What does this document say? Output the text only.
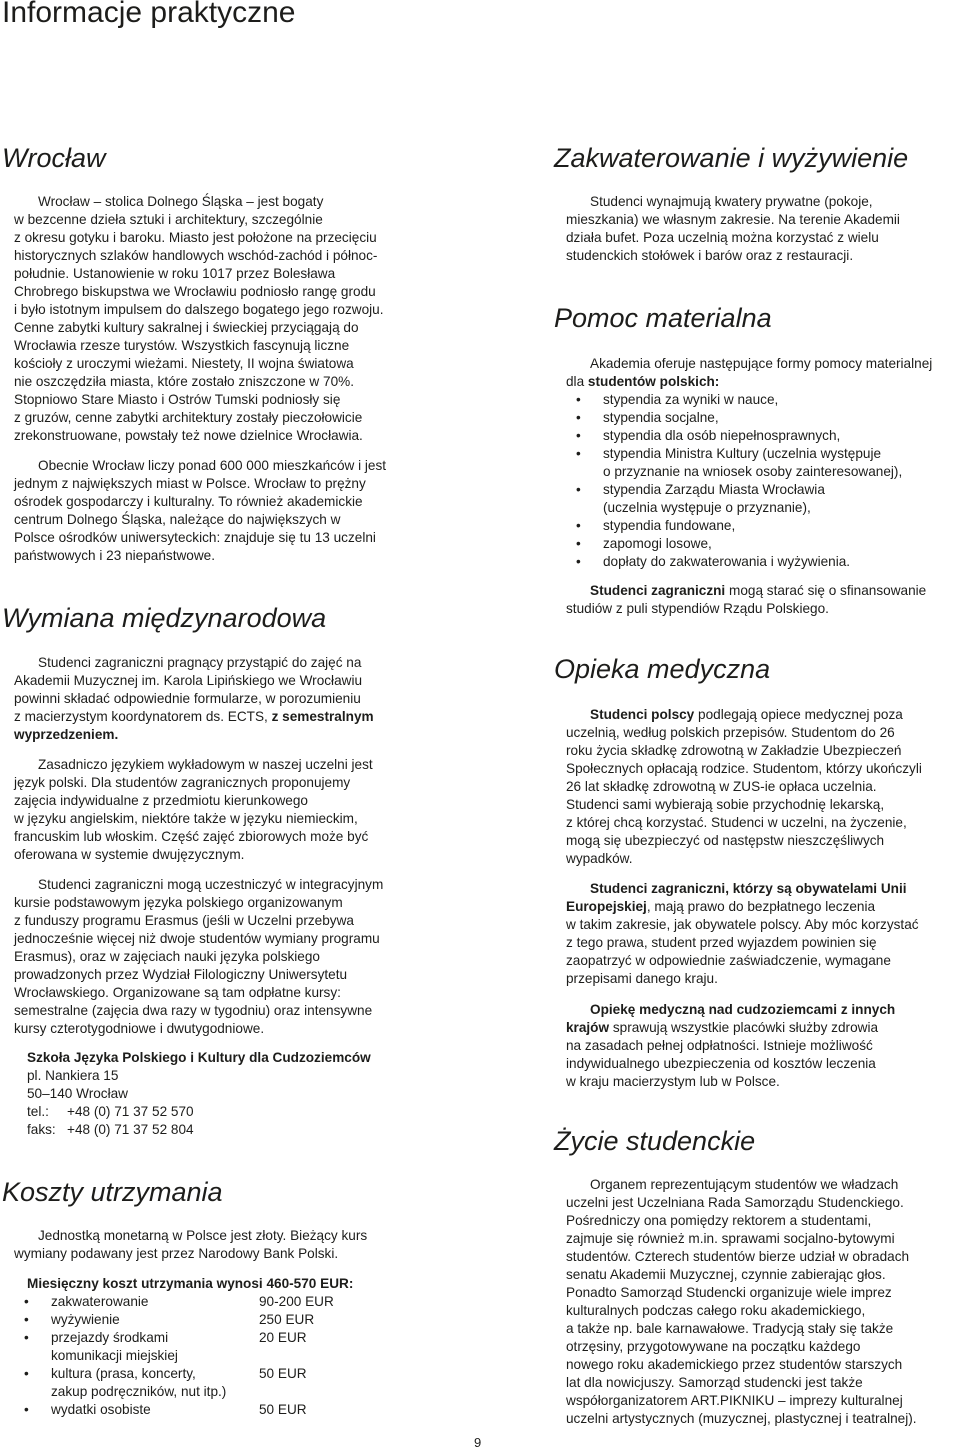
Informacje praktyczne
Wrocław
Wrocław – stolica Dolnego Śląska – jest bogaty
w bezcenne dzieła sztuki i architektury, szczególnie
z okresu gotyku i baroku. Miasto jest położone na przecięciu
historycznych szlaków handlowych wschód-zachód i północ-
południe. Ustanowienie w roku 1017 przez Bolesława
Chrobrego biskupstwa we Wrocławiu podniosło rangę grodu
i było istotnym impulsem do dalszego bogatego jego rozwoju.
Cenne zabytki kultury sakralnej i świeckiej przyciągają do
Wrocławia rzesze turystów. Wszystkich fascynują liczne
kościoły z uroczymi wieżami. Niestety, II wojna światowa
nie oszczędziła miasta, które zostało zniszczone w 70%.
Stopniowo Stare Miasto i Ostrów Tumski podniosły się
z gruzów, cenne zabytki architektury zostały pieczołowicie
zrekonstruowane, powstały też nowe dzielnice Wrocławia.
Obecnie Wrocław liczy ponad 600 000 mieszkańców i jest
jednym z największych miast w Polsce. Wrocław to prężny
ośrodek gospodarczy i kulturalny. To również akademickie
centrum Dolnego Śląska, należące do największych w
Polsce ośrodków uniwersyteckich: znajduje się tu 13 uczelni
państwowych i 23 niepaństwowe.
Wymiana międzynarodowa
Studenci zagraniczni pragnący przystąpić do zajęć na
Akademii Muzycznej im. Karola Lipińskiego we Wrocławiu
powinni składać odpowiednie formularze, w porozumieniu
z macierzystym koordynatorem ds. ECTS, z semestralnym
wyprzedzeniem.
Zasadniczo językiem wykładowym w naszej uczelni jest
język polski. Dla studentów zagranicznych proponujemy
zajęcia indywidualne z przedmiotu kierunkowego
w języku angielskim, niektóre także w języku niemieckim,
francuskim lub włoskim. Część zajęć zbiorowych może być
oferowana w systemie dwujęzycznym.
Studenci zagraniczni mogą uczestniczyć w integracyjnym
kursie podstawowym języka polskiego organizowanym
z funduszy programu Erasmus (jeśli w Uczelni przebywa
jednocześnie więcej niż dwoje studentów wymiany programu
Erasmus), oraz w zajęciach nauki języka polskiego
prowadzonych przez Wydział Filologiczny Uniwersytetu
Wrocławskiego. Organizowane są tam odpłatne kursy:
semestralne (zajęcia dwa razy w tygodniu) oraz intensywne
kursy czterotygodniowe i dwutygodniowe.
Szkoła Języka Polskiego i Kultury dla Cudzoziemców
pl. Nankiera 15
50–140 Wrocław
tel.: +48 (0) 71 37 52 570
faks: +48 (0) 71 37 52 804
Koszty utrzymania
Jednostką monetarną w Polsce jest złoty. Bieżący kurs
wymiany podawany jest przez Narodowy Bank Polski.
Miesięczny koszt utrzymania wynosi 460-570 EUR:
• zakwaterowanie	90-200 EUR
• wyżywienie	250 EUR
• przejazdy środkami	20 EUR
komunikacji miejskiej
• kultura (prasa, koncerty,	50 EUR
zakup podręczników, nut itp.)
• wydatki osobiste	50 EUR
Zakwaterowanie i wyżywienie
Studenci wynajmują kwatery prywatne (pokoje,
mieszkania) we własnym zakresie. Na terenie Akademii
działa bufet. Poza uczelnią można korzystać z wielu
studenckich stołówek i barów oraz z restauracji.
Pomoc materialna
Akademia oferuje następujące formy pomocy materialnej
dla studentów polskich:
• stypendia za wyniki w nauce,
• stypendia socjalne,
• stypendia dla osób niepełnosprawnych,
• stypendia Ministra Kultury (uczelnia występuje
o przyznanie na wniosek osoby zainteresowanej),
• stypendia Zarządu Miasta Wrocławia
(uczelnia występuje o przyznanie),
• stypendia fundowane,
• zapomogi losowe,
• dopłaty do zakwaterowania i wyżywienia.
Studenci zagraniczni mogą starać się o sfinansowanie
studiów z puli stypendiów Rządu Polskiego.
Opieka medyczna
Studenci polscy podlegają opiece medycznej poza
uczelnią, według polskich przepisów. Studentom do 26
roku życia składkę zdrowotną w Zakładzie Ubezpieczeń
Społecznych opłacają rodzice. Studentom, którzy ukończyli
26 lat składkę zdrowotną w ZUS-ie opłaca uczelnia.
Studenci sami wybierają sobie przychodnię lekarską,
z której chcą korzystać. Studenci w uczelni, na życzenie,
mogą się ubezpieczyć od następstw nieszczęśliwych
wypadków.
Studenci zagraniczni, którzy są obywatelami Unii
Europejskiej, mają prawo do bezpłatnego leczenia
w takim zakresie, jak obywatele polscy. Aby móc korzystać
z tego prawa, student przed wyjazdem powinien się
zaopatrzyć w odpowiednie zaświadczenie, wymagane
przepisami danego kraju.
Opiekę medyczną nad cudzoziemcami z innych
krajów sprawują wszystkie placówki służby zdrowia
na zasadach pełnej odpłatności. Istnieje możliwość
indywidualnego ubezpieczenia od kosztów leczenia
w kraju macierzystym lub w Polsce.
Życie studenckie
Organem reprezentującym studentów we władzach
uczelni jest Uczelniana Rada Samorządu Studenckiego.
Pośredniczy ona pomiędzy rektorem a studentami,
zajmuje się również m.in. sprawami socjalno-bytowymi
studentów. Czterech studentów bierze udział w obradach
senatu Akademii Muzycznej, czynnie zabierając głos.
Ponadto Samorząd Studencki organizuje wiele imprez
kulturalnych podczas całego roku akademickiego,
a także np. bale karnawałowe. Tradycją stały się także
otrzęsiny, przygotowywane na początku każdego
nowego roku akademickiego przez studentów starszych
lat dla nowicjuszy. Samorząd studencki jest także
współorganizatorem ART.PIKNIKU – imprezy kulturalnej
uczelni artystycznych (muzycznej, plastycznej i teatralnej).
9
